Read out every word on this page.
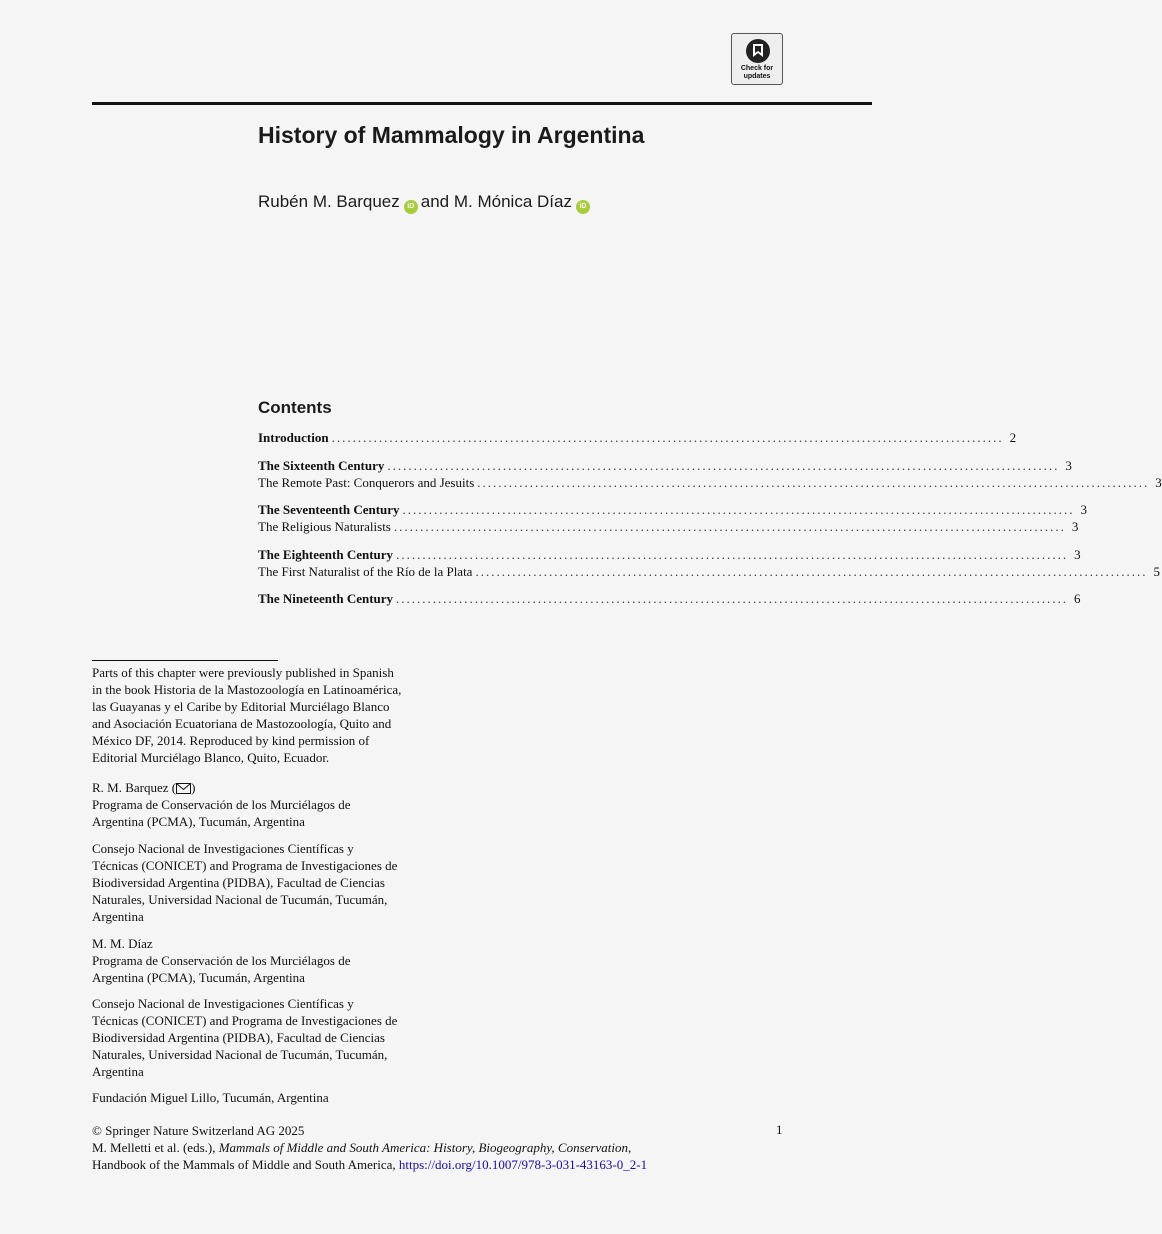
Check for
updates
History of Mammalogy in Argentina
Rubén M. Barquez iD and M. Mónica Díaz iD
Contents
Introduction ................................................................................................................................ 2
The Sixteenth Century ................................................................................................................................ 3
The Remote Past: Conquerors and Jesuits ................................................................................................................................ 3
The Seventeenth Century ................................................................................................................................ 3
The Religious Naturalists ................................................................................................................................ 3
The Eighteenth Century ................................................................................................................................ 3
The First Naturalist of the Río de la Plata ................................................................................................................................ 5
The Nineteenth Century ................................................................................................................................ 6
Parts of this chapter were previously published in Spanish
in the book Historia de la Mastozoología en Latinoamérica,
las Guayanas y el Caribe by Editorial Murciélago Blanco
and Asociación Ecuatoriana de Mastozoología, Quito and
México DF, 2014. Reproduced by kind permission of
Editorial Murciélago Blanco, Quito, Ecuador.
R. M. Barquez ( )
Programa de Conservación de los Murciélagos de
Argentina (PCMA), Tucumán, Argentina
Consejo Nacional de Investigaciones Científicas y
Técnicas (CONICET) and Programa de Investigaciones de
Biodiversidad Argentina (PIDBA), Facultad de Ciencias
Naturales, Universidad Nacional de Tucumán, Tucumán,
Argentina
M. M. Díaz
Programa de Conservación de los Murciélagos de
Argentina (PCMA), Tucumán, Argentina
Consejo Nacional de Investigaciones Científicas y
Técnicas (CONICET) and Programa de Investigaciones de
Biodiversidad Argentina (PIDBA), Facultad de Ciencias
Naturales, Universidad Nacional de Tucumán, Tucumán,
Argentina
Fundación Miguel Lillo, Tucumán, Argentina
© Springer Nature Switzerland AG 2025
M. Melletti et al. (eds.), Mammals of Middle and South America: History, Biogeography, Conservation,
Handbook of the Mammals of Middle and South America, https://doi.org/10.1007/978-3-031-43163-0_2-1
1
